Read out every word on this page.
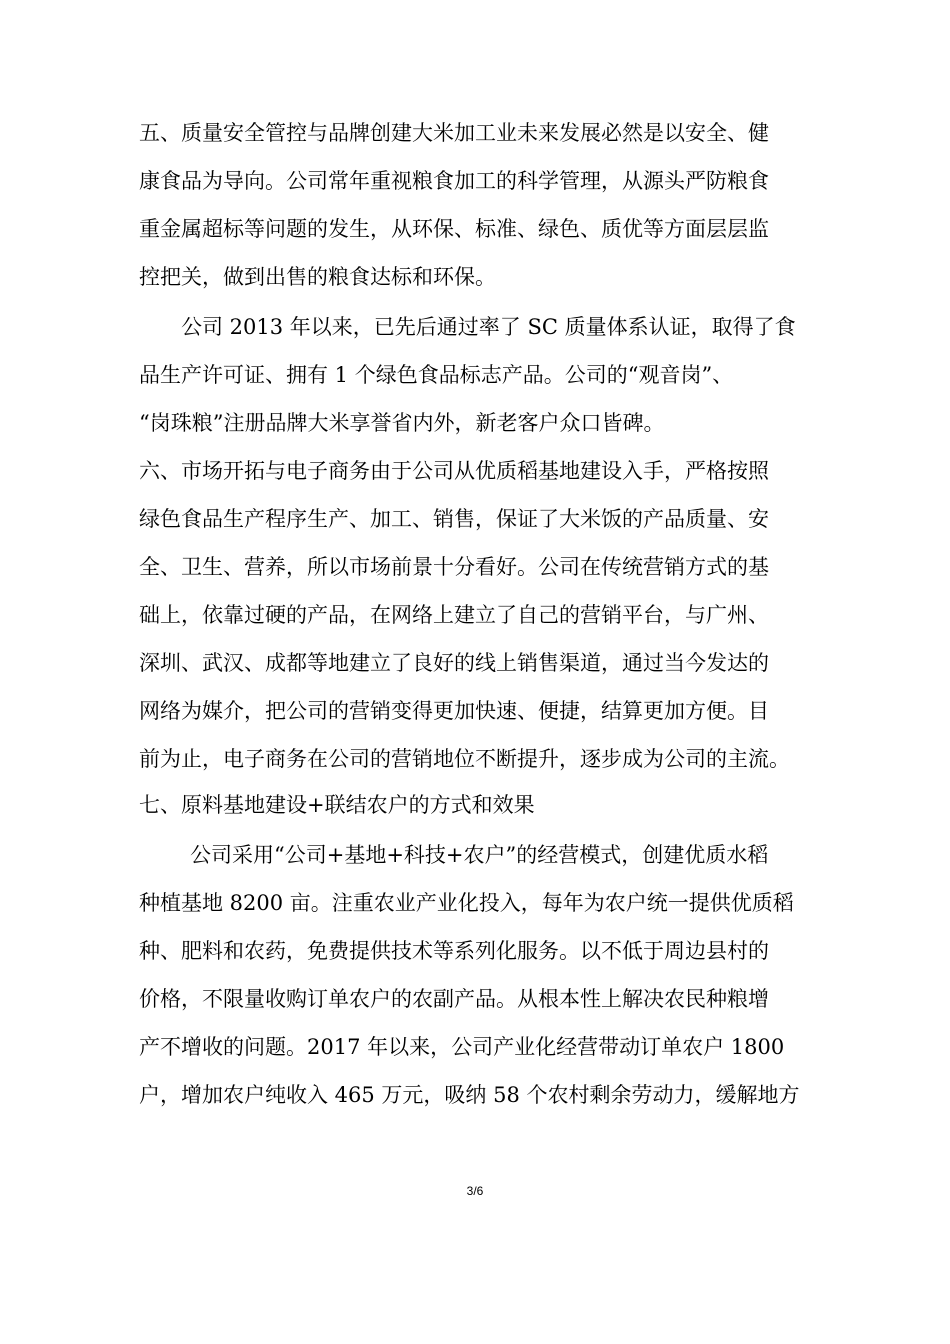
五、质量安全管控与品牌创建大米加工业未来发展必然是以安全、健
康食品为导向。公司常年重视粮食加工的科学管理，从源头严防粮食
重金属超标等问题的发生，从环保、标准、绿色、质优等方面层层监
控把关，做到出售的粮食达标和环保。
公司 2013 年以来，已先后通过率了 SC 质量体系认证，取得了食
品生产许可证、拥有 1 个绿色食品标志产品。公司的“观音岗”、
“岗珠粮”注册品牌大米享誉省内外，新老客户众口皆碑。
六、市场开拓与电子商务由于公司从优质稻基地建设入手，严格按照
绿色食品生产程序生产、加工、销售，保证了大米饭的产品质量、安
全、卫生、营养，所以市场前景十分看好。公司在传统营销方式的基
础上，依靠过硬的产品，在网络上建立了自己的营销平台，与广州、
深圳、武汉、成都等地建立了良好的线上销售渠道，通过当今发达的
网络为媒介，把公司的营销变得更加快速、便捷，结算更加方便。目
前为止，电子商务在公司的营销地位不断提升，逐步成为公司的主流。
七、原料基地建设+联结农户的方式和效果
公司采用“公司+基地+科技+农户”的经营模式，创建优质水稻
种植基地 8200 亩。注重农业产业化投入，每年为农户统一提供优质稻
种、肥料和农药，免费提供技术等系列化服务。以不低于周边县村的
价格，不限量收购订单农户的农副产品。从根本性上解决农民种粮增
产不增收的问题。2017 年以来，公司产业化经营带动订单农户 1800
户，增加农户纯收入 465 万元，吸纳 58 个农村剩余劳动力，缓解地方
3/6
